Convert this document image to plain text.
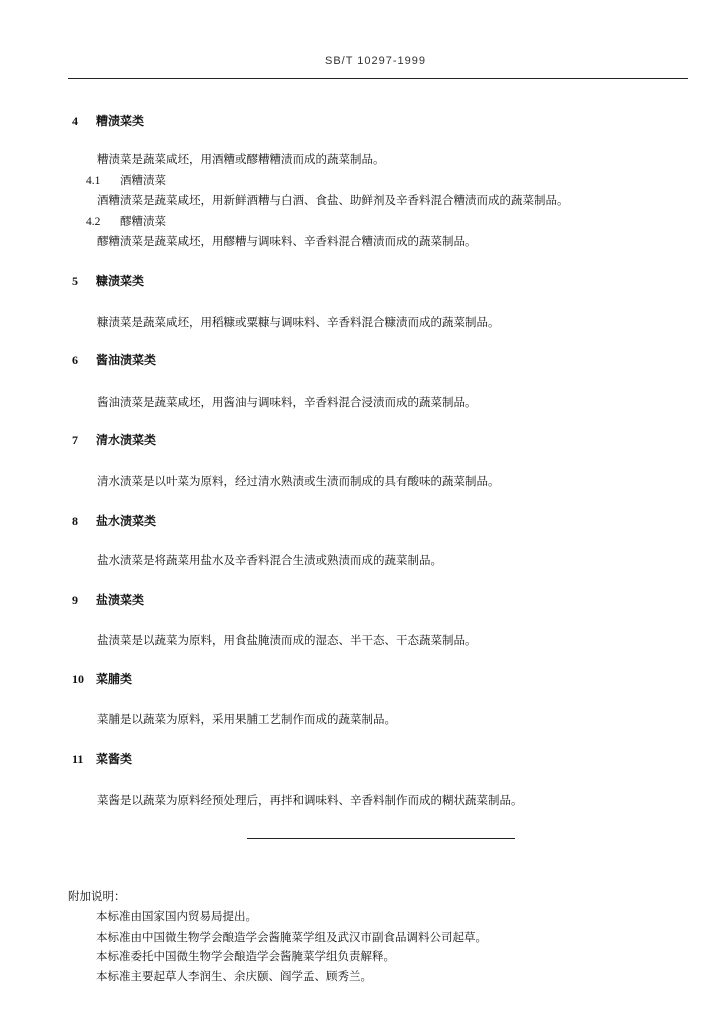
SB/T 10297-1999
4 糟渍菜类
糟渍菜是蔬菜咸坯，用酒糟或醪糟糟渍而成的蔬菜制品。
4.1 酒糟渍菜
酒糟渍菜是蔬菜咸坯，用新鲜酒糟与白酒、食盐、助鲜剂及辛香料混合糟渍而成的蔬菜制品。
4.2 醪糟渍菜
醪糟渍菜是蔬菜咸坯，用醪糟与调味料、辛香料混合糟渍而成的蔬菜制品。
5 糠渍菜类
糠渍菜是蔬菜咸坯，用稻糠或粟糠与调味料、辛香料混合糠渍而成的蔬菜制品。
6 酱油渍菜类
酱油渍菜是蔬菜咸坯，用酱油与调味料，辛香料混合浸渍而成的蔬菜制品。
7 清水渍菜类
清水渍菜是以叶菜为原料，经过清水熟渍或生渍而制成的具有酸味的蔬菜制品。
8 盐水渍菜类
盐水渍菜是将蔬菜用盐水及辛香料混合生渍或熟渍而成的蔬菜制品。
9 盐渍菜类
盐渍菜是以蔬菜为原料，用食盐腌渍而成的湿态、半干态、干态蔬菜制品。
10 菜脯类
菜脯是以蔬菜为原料，采用果脯工艺制作而成的蔬菜制品。
11 菜酱类
菜酱是以蔬菜为原料经预处理后，再拌和调味料、辛香料制作而成的糊状蔬菜制品。
附加说明：
本标准由国家国内贸易局提出。
本标准由中国微生物学会酿造学会酱腌菜学组及武汉市副食品调料公司起草。
本标准委托中国微生物学会酿造学会酱腌菜学组负责解释。
本标准主要起草人李润生、余庆颐、阎学孟、顾秀兰。
